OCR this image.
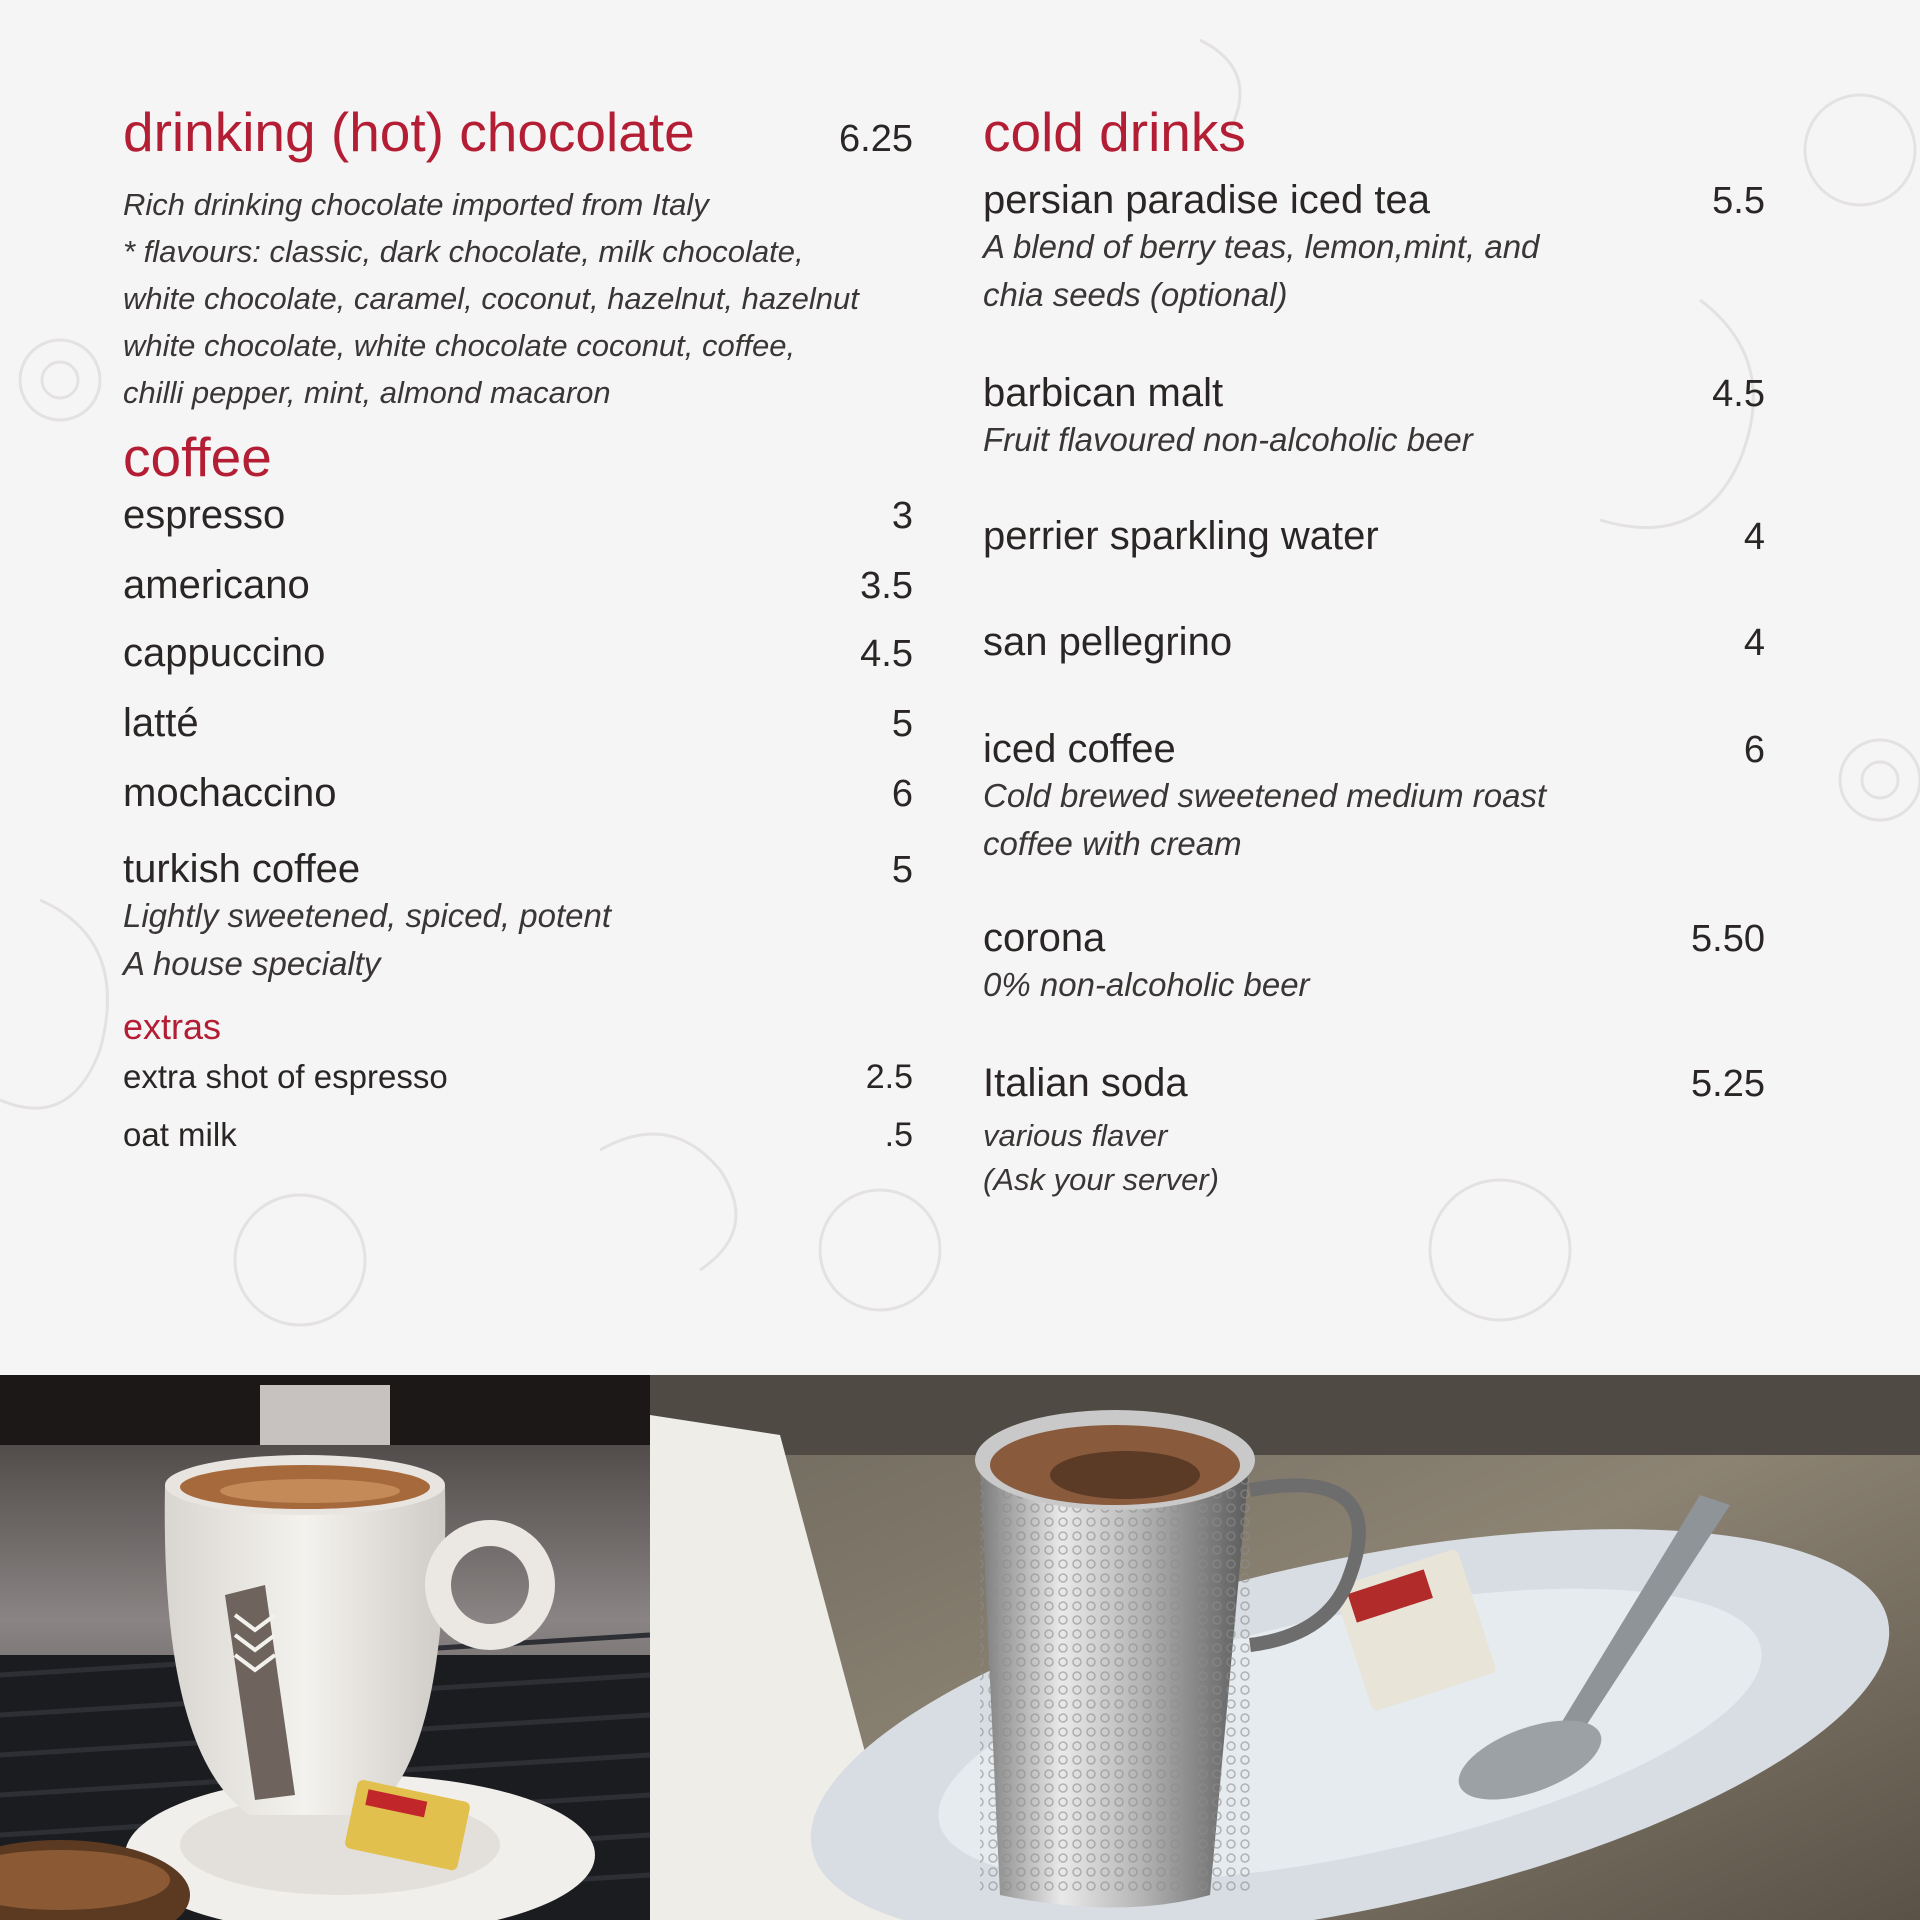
drinking (hot) chocolate	6.25
Rich drinking chocolate imported from Italy
* flavours: classic, dark chocolate, milk chocolate,
white chocolate, caramel, coconut, hazelnut, hazelnut
white chocolate, white chocolate coconut, coffee,
chilli pepper, mint, almond macaron
coffee
espresso	3
americano	3.5
cappuccino	4.5
latté	5
mochaccino	6
turkish coffee	5
Lightly sweetened, spiced, potent
A house specialty
extras
extra shot of espresso	2.5
oat milk	.5
cold drinks
persian paradise iced tea	5.5
A blend of berry teas, lemon,mint, and
chia seeds (optional)
barbican malt	4.5
Fruit flavoured non-alcoholic beer
perrier sparkling water	4
san pellegrino	4
iced coffee	6
Cold brewed sweetened medium roast
coffee with cream
corona	5.50
0% non-alcoholic beer
Italian soda	5.25
various flaver
(Ask your server)
